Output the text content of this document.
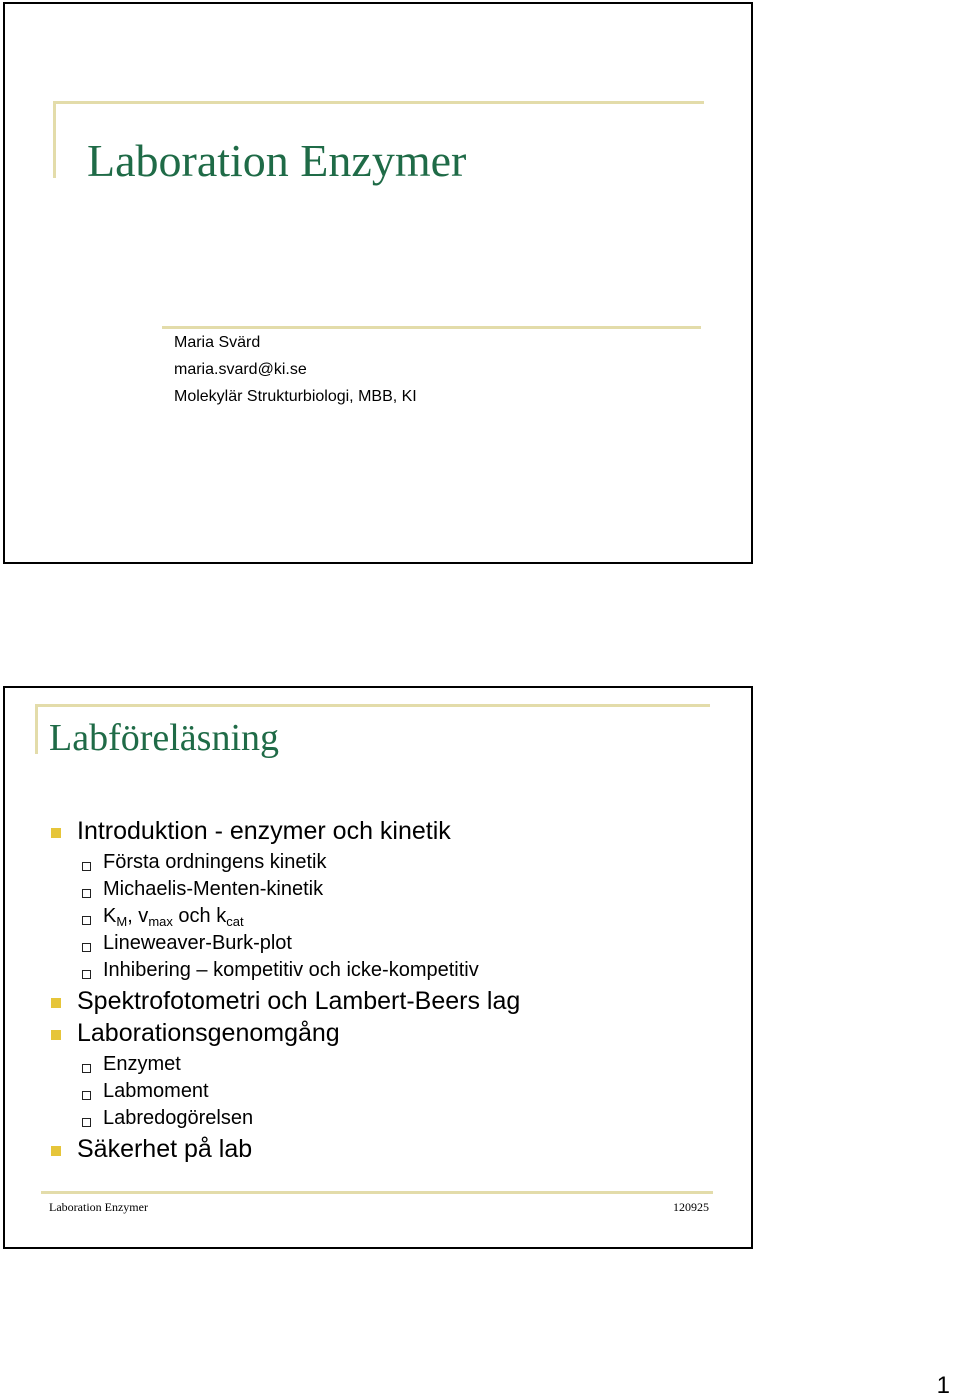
Laboration Enzymer
Maria Svärd
maria.svard@ki.se
Molekylär Strukturbiologi, MBB, KI
Labföreläsning
Introduktion - enzymer och kinetik
Första ordningens kinetik
Michaelis-Menten-kinetik
$K_M$, $v_{max}$ och $k_{cat}$
Lineweaver-Burk-plot
Inhibering – kompetitiv och icke-kompetitiv
Spektrofotometri och Lambert-Beers lag
Laborationsgenomgång
Enzymet
Labmoment
Labredogörelsen
Säkerhet på lab
Laboration Enzymer	120925
1
